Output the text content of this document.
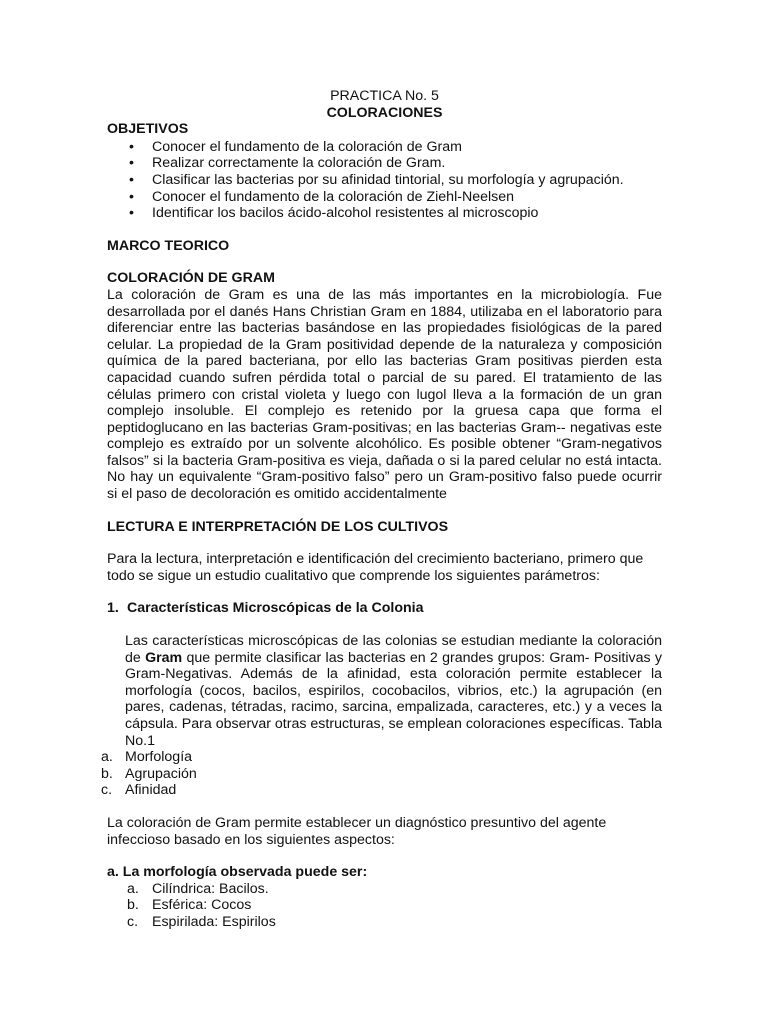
PRACTICA No. 5

COLORACIONES

OBJETIVOS

• Conocer el fundamento de la coloración de Gram
• Realizar correctamente la coloración de Gram.
• Clasificar las bacterias por su afinidad tintorial, su morfología y agrupación.
• Conocer el fundamento de la coloración de Ziehl-Neelsen
• Identificar los bacilos ácido-alcohol resistentes al microscopio

MARCO TEORICO

COLORACIÓN DE GRAM

La coloración de Gram es una de las más importantes en la microbiología. Fue desarrollada por el danés Hans Christian Gram en 1884, utilizaba en el laboratorio para diferenciar entre las bacterias basándose en las propiedades fisiológicas de la pared celular. La propiedad de la Gram positividad depende de la naturaleza y composición química de la pared bacteriana, por ello las bacterias Gram positivas pierden esta capacidad cuando sufren pérdida total o parcial de su pared. El tratamiento de las células primero con cristal violeta y luego con lugol lleva a la formación de un gran complejo insoluble. El complejo es retenido por la gruesa capa que forma el peptidoglucano en las bacterias Gram-positivas; en las bacterias Gram-- negativas este complejo es extraído por un solvente alcohólico. Es posible obtener “Gram-negativos falsos” si la bacteria Gram-positiva es vieja, dañada o si la pared celular no está intacta. No hay un equivalente “Gram-positivo falso” pero un Gram-positivo falso puede ocurrir si el paso de decoloración es omitido accidentalmente

LECTURA E INTERPRETACIÓN DE LOS CULTIVOS

Para la lectura, interpretación e identificación del crecimiento bacteriano, primero que todo se sigue un estudio cualitativo que comprende los siguientes parámetros:

1. Características Microscópicas de la Colonia

Las características microscópicas de las colonias se estudian mediante la coloración de Gram que permite clasificar las bacterias en 2 grandes grupos: Gram- Positivas y Gram-Negativas. Además de la afinidad, esta coloración permite establecer la morfología (cocos, bacilos, espirilos, cocobacilos, vibrios, etc.) la agrupación (en pares, cadenas, tétradas, racimo, sarcina, empalizada, caracteres, etc.) y a veces la cápsula. Para observar otras estructuras, se emplean coloraciones específicas. Tabla No.1

a. Morfología
b. Agrupación
c. Afinidad

La coloración de Gram permite establecer un diagnóstico presuntivo del agente infeccioso basado en los siguientes aspectos:

a. La morfología observada puede ser:

a. Cilíndrica: Bacilos.
b. Esférica: Cocos
c. Espirilada: Espirilos
